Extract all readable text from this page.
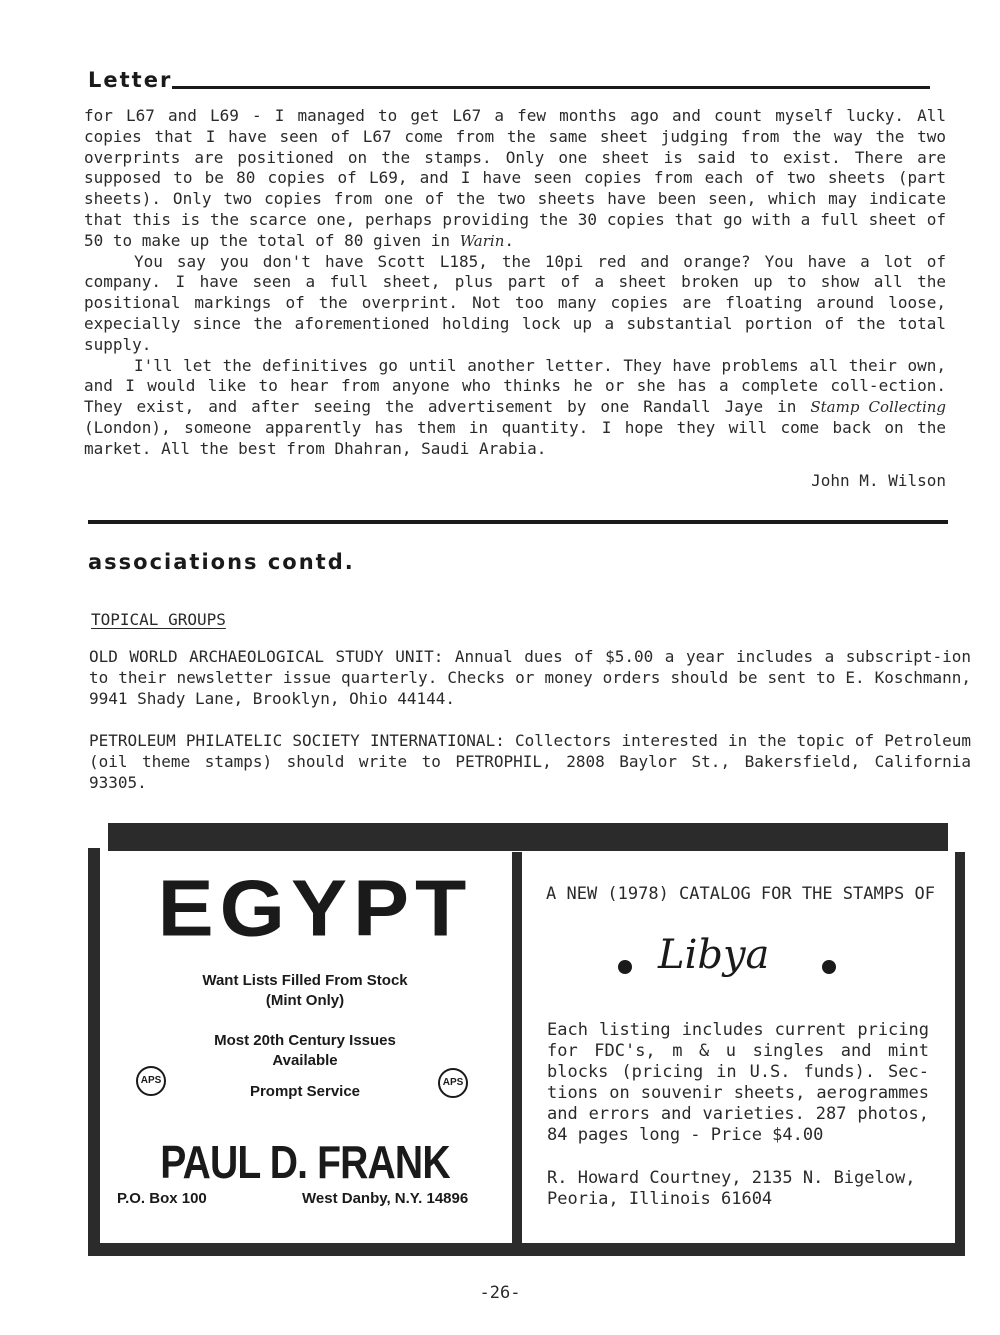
Letter

for L67 and L69 - I managed to get L67 a few months ago and count myself lucky. All copies that I have seen of L67 come from the same sheet judging from the way the two overprints are positioned on the stamps. Only one sheet is said to exist. There are supposed to be 80 copies of L69, and I have seen copies from each of two sheets (part sheets). Only two copies from one of the two sheets have been seen, which may indicate that this is the scarce one, perhaps providing the 30 copies that go with a full sheet of 50 to make up the total of 80 given in Warin.

You say you don't have Scott L185, the 10pi red and orange? You have a lot of company. I have seen a full sheet, plus part of a sheet broken up to show all the positional markings of the overprint. Not too many copies are floating around loose, expecially since the aforementioned holding lock up a substantial portion of the total supply.

I'll let the definitives go until another letter. They have problems all their own, and I would like to hear from anyone who thinks he or she has a complete coll-ection. They exist, and after seeing the advertisement by one Randall Jaye in Stamp Collecting (London), someone apparently has them in quantity. I hope they will come back on the market. All the best from Dhahran, Saudi Arabia.

John M. Wilson
associations contd.

TOPICAL GROUPS

OLD WORLD ARCHAEOLOGICAL STUDY UNIT: Annual dues of $5.00 a year includes a subscript-ion to their newsletter issue quarterly. Checks or money orders should be sent to E. Koschmann, 9941 Shady Lane, Brooklyn, Ohio 44144.

PETROLEUM PHILATELIC SOCIETY INTERNATIONAL: Collectors interested in the topic of Petroleum (oil theme stamps) should write to PETROPHIL, 2808 Baylor St., Bakersfield, California 93305.

EGYPT
Want Lists Filled From Stock
(Mint Only)
Most 20th Century Issues
Available
Prompt Service
APS	APS
PAUL D. FRANK
P.O. Box 100	West Danby, N.Y. 14896
A NEW (1978) CATALOG FOR THE STAMPS OF
Libya

Each listing includes current pricing for FDC's, m & u singles and mint blocks (pricing in U.S. funds). Sec-tions on souvenir sheets, aerogrammes and errors and varieties. 287 photos, 84 pages long - Price $4.00

R. Howard Courtney, 2135 N. Bigelow,
Peoria, Illinois 61604
-26-
